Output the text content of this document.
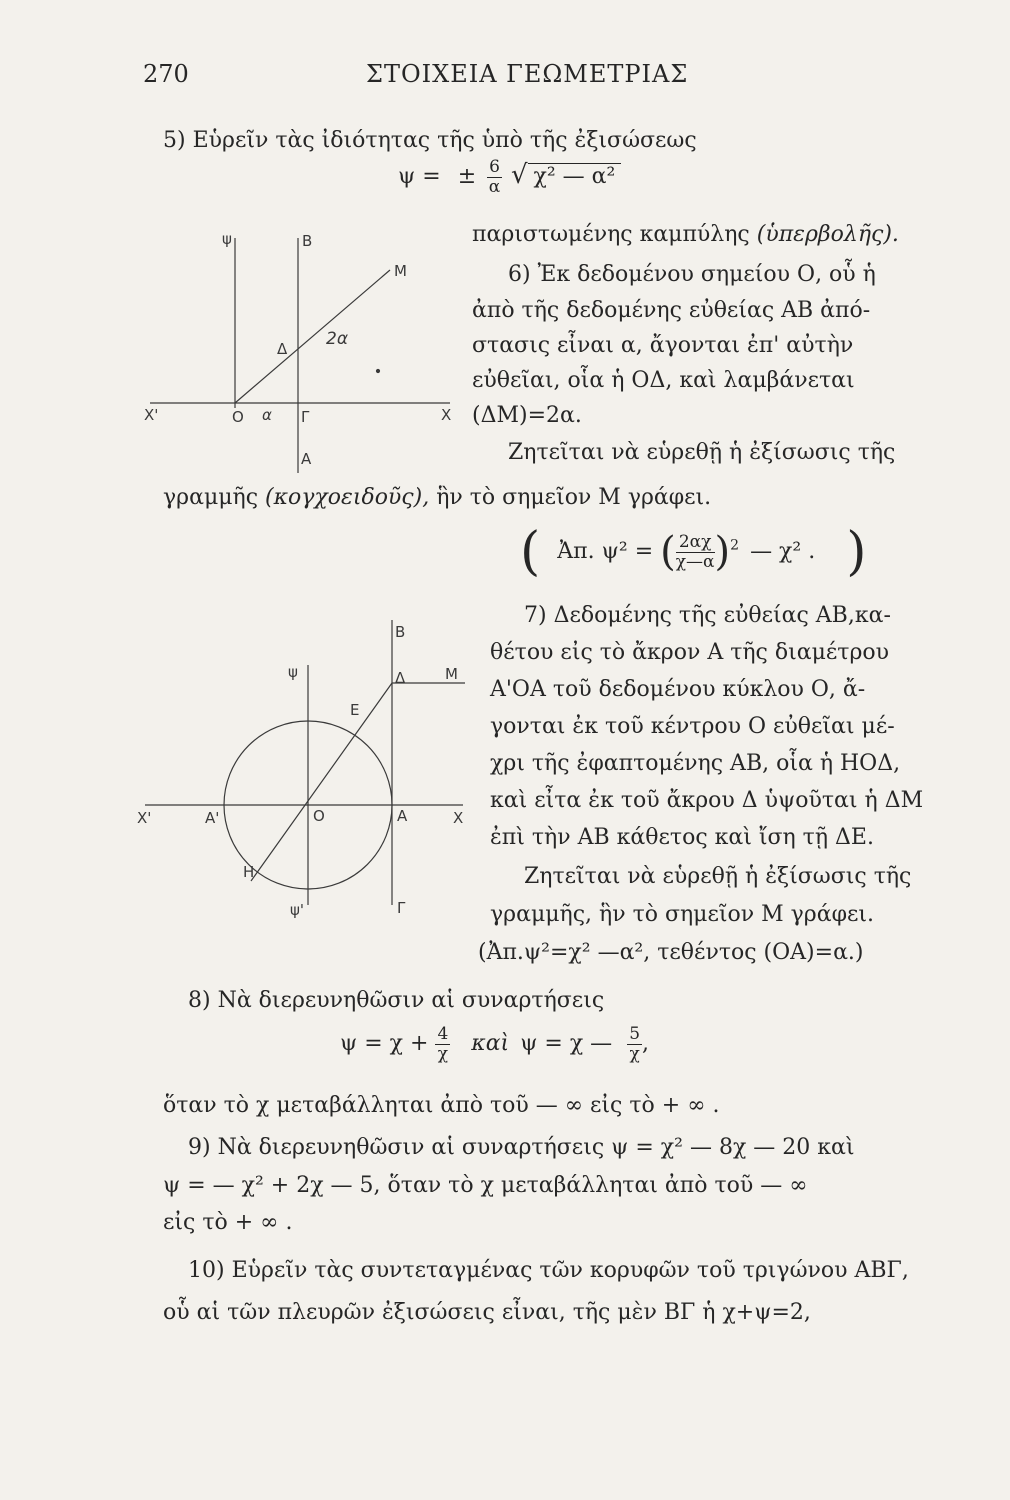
270	ΣΤΟΙΧΕΙΑ ΓΕΩΜΕΤΡΙΑΣ
5) Εὑρεῖν τὰς ἰδιότητας τῆς ὑπὸ τῆς ἐξισώσεως
ψ = ± $\frac{6}{\alpha}$ √ χ² — α²
παριστωμένης καμπύλης (ὑπερβολῆς).
ψ	B
M
Δ 2α
X'	O α Γ	X
A
6) Ἐκ δεδομένου σημείου Ο, οὗ ἡ
ἀπὸ τῆς δεδομένης εὐθείας ΑΒ ἀπό-
στασις εἶναι α, ἄγονται ἐπ' αὐτὴν
εὐθεῖαι, οἷα ἡ ΟΔ, καὶ λαμβάνεται
(ΔΜ)=2α.
Ζητεῖται νὰ εὑρεθῇ ἡ ἐξίσωσις τῆς
γραμμῆς (κογχοειδοῦς), ἣν τὸ σημεῖον Μ γράφει.
( Ἀπ. ψ² = ( $\frac{2\alpha\chi}{\chi—\alpha} )^2$ — χ² . )
B
ψ	Δ	M
E
X'	A'	O	A	X
H
ψ'	Γ
7) Δεδομένης τῆς εὐθείας ΑΒ,κα-
θέτου εἰς τὸ ἄκρον Α τῆς διαμέτρου
Α'ΟΑ τοῦ δεδομένου κύκλου Ο, ἄ-
γονται ἐκ τοῦ κέντρου Ο εὐθεῖαι μέ-
χρι τῆς ἐφαπτομένης ΑΒ, οἷα ἡ ΗΟΔ,
καὶ εἶτα ἐκ τοῦ ἄκρου Δ ὑψοῦται ἡ ΔΜ
ἐπὶ τὴν ΑΒ κάθετος καὶ ἴση τῇ ΔΕ.
Ζητεῖται νὰ εὑρεθῇ ἡ ἐξίσωσις τῆς
γραμμῆς, ἣν τὸ σημεῖον Μ γράφει.
(Ἀπ.ψ²=χ² —α², τεθέντος (ΟΑ)=α.)
8) Νὰ διερευνηθῶσιν αἱ συναρτήσεις
$\psi = \chi + \frac{4}{\chi}$ καὶ ψ = χ — $\frac{5}{\chi}$ ,
ὅταν τὸ χ μεταβάλληται ἀπὸ τοῦ — ∞ εἰς τὸ + ∞ .
9) Νὰ διερευνηθῶσιν αἱ συναρτήσεις ψ = χ² — 8χ — 20 καὶ
ψ = — χ² + 2χ — 5, ὅταν τὸ χ μεταβάλληται ἀπὸ τοῦ — ∞
εἰς τὸ + ∞ .
10) Εὑρεῖν τὰς συντεταγμένας τῶν κορυφῶν τοῦ τριγώνου ΑΒΓ,
οὗ αἱ τῶν πλευρῶν ἐξισώσεις εἶναι, τῆς μὲν ΒΓ ἡ χ+ψ=2,
